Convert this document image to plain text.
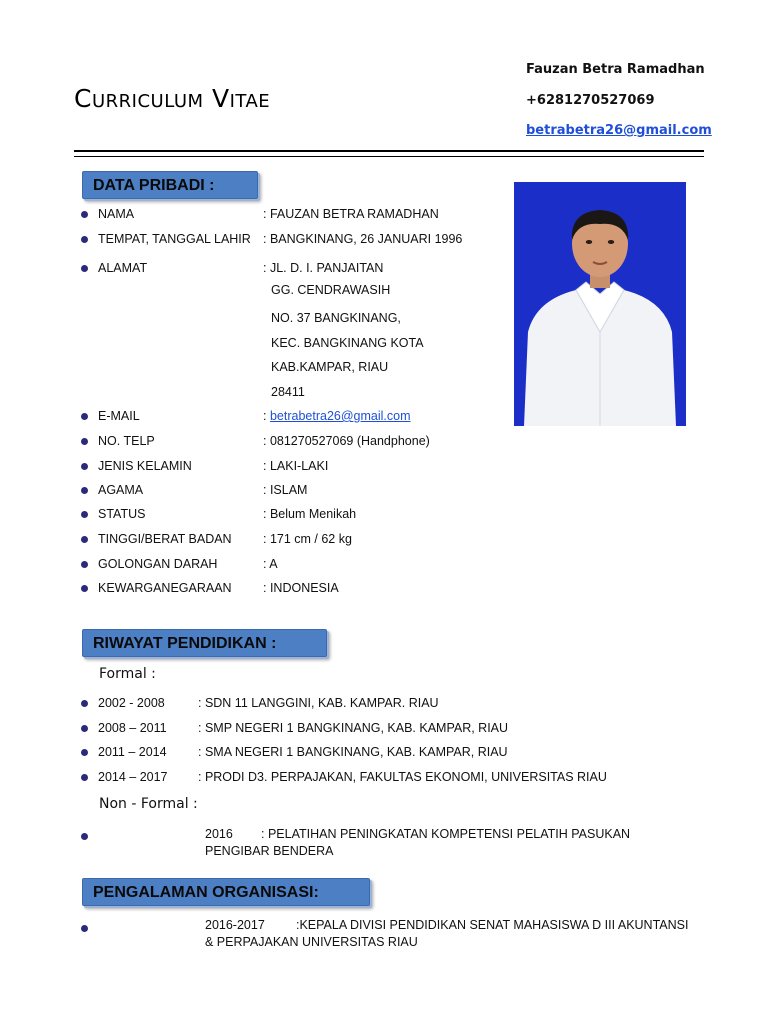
Curriculum Vitae
Fauzan Betra Ramadhan
+6281270527069
betrabetra26@gmail.com
DATA PRIBADI :
NAMA	: FAUZAN BETRA RAMADHAN
TEMPAT, TANGGAL LAHIR : BANGKINANG, 26 JANUARI 1996
ALAMAT	: JL. D. I. PANJAITAN
GG. CENDRAWASIH
NO. 37 BANGKINANG,
KEC. BANGKINANG KOTA
KAB.KAMPAR, RIAU
28411
E-MAIL	: betrabetra26@gmail.com
NO. TELP	: 081270527069 (Handphone)
JENIS KELAMIN	: LAKI-LAKI
AGAMA	: ISLAM
STATUS	: Belum Menikah
TINGGI/BERAT BADAN	: 171 cm / 62 kg
GOLONGAN DARAH	: A
KEWARGANEGARAAN	: INDONESIA
RIWAYAT PENDIDIKAN :
Formal :
2002 - 2008	: SDN 11 LANGGINI, KAB. KAMPAR. RIAU
2008 – 2011	: SMP NEGERI 1 BANGKINANG, KAB. KAMPAR, RIAU
2011 – 2014	: SMA NEGERI 1 BANGKINANG, KAB. KAMPAR, RIAU
2014 – 2017 : PRODI D3. PERPAJAKAN, FAKULTAS EKONOMI, UNIVERSITAS RIAU
Non - Formal :
2016 : PELATIHAN PENINGKATAN KOMPETENSI PELATIH PASUKAN
PENGIBAR BENDERA
PENGALAMAN ORGANISASI:
2016-2017 :KEPALA DIVISI PENDIDIKAN SENAT MAHASISWA D III AKUNTANSI
& PERPAJAKAN UNIVERSITAS RIAU
